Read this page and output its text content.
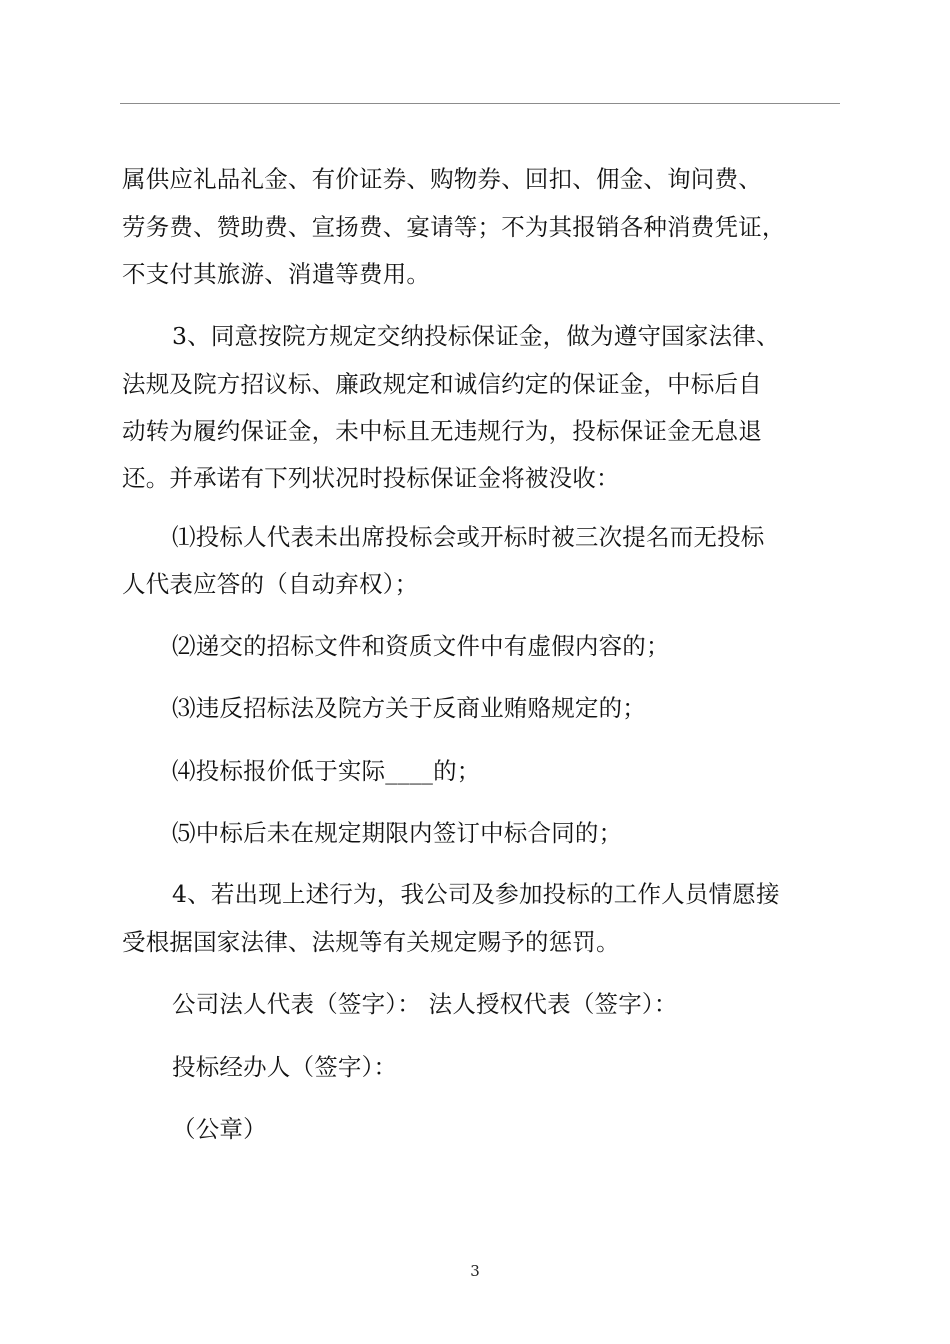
属供应礼品礼金、有价证券、购物券、回扣、佣金、询问费、
劳务费、赞助费、宣扬费、宴请等；不为其报销各种消费凭证，
不支付其旅游、消遣等费用。
3、同意按院方规定交纳投标保证金，做为遵守国家法律、
法规及院方招议标、廉政规定和诚信约定的保证金，中标后自
动转为履约保证金，未中标且无违规行为，投标保证金无息退
还。并承诺有下列状况时投标保证金将被没收：
⑴投标人代表未出席投标会或开标时被三次提名而无投标
人代表应答的（自动弃权）；
⑵递交的招标文件和资质文件中有虚假内容的；
⑶违反招标法及院方关于反商业贿赂规定的；
⑷投标报价低于实际____的；
⑸中标后未在规定期限内签订中标合同的；
4、若出现上述行为，我公司及参加投标的工作人员情愿接
受根据国家法律、法规等有关规定赐予的惩罚。
公司法人代表（签字）： 法人授权代表（签字）：
投标经办人（签字）：
（公章）
3
